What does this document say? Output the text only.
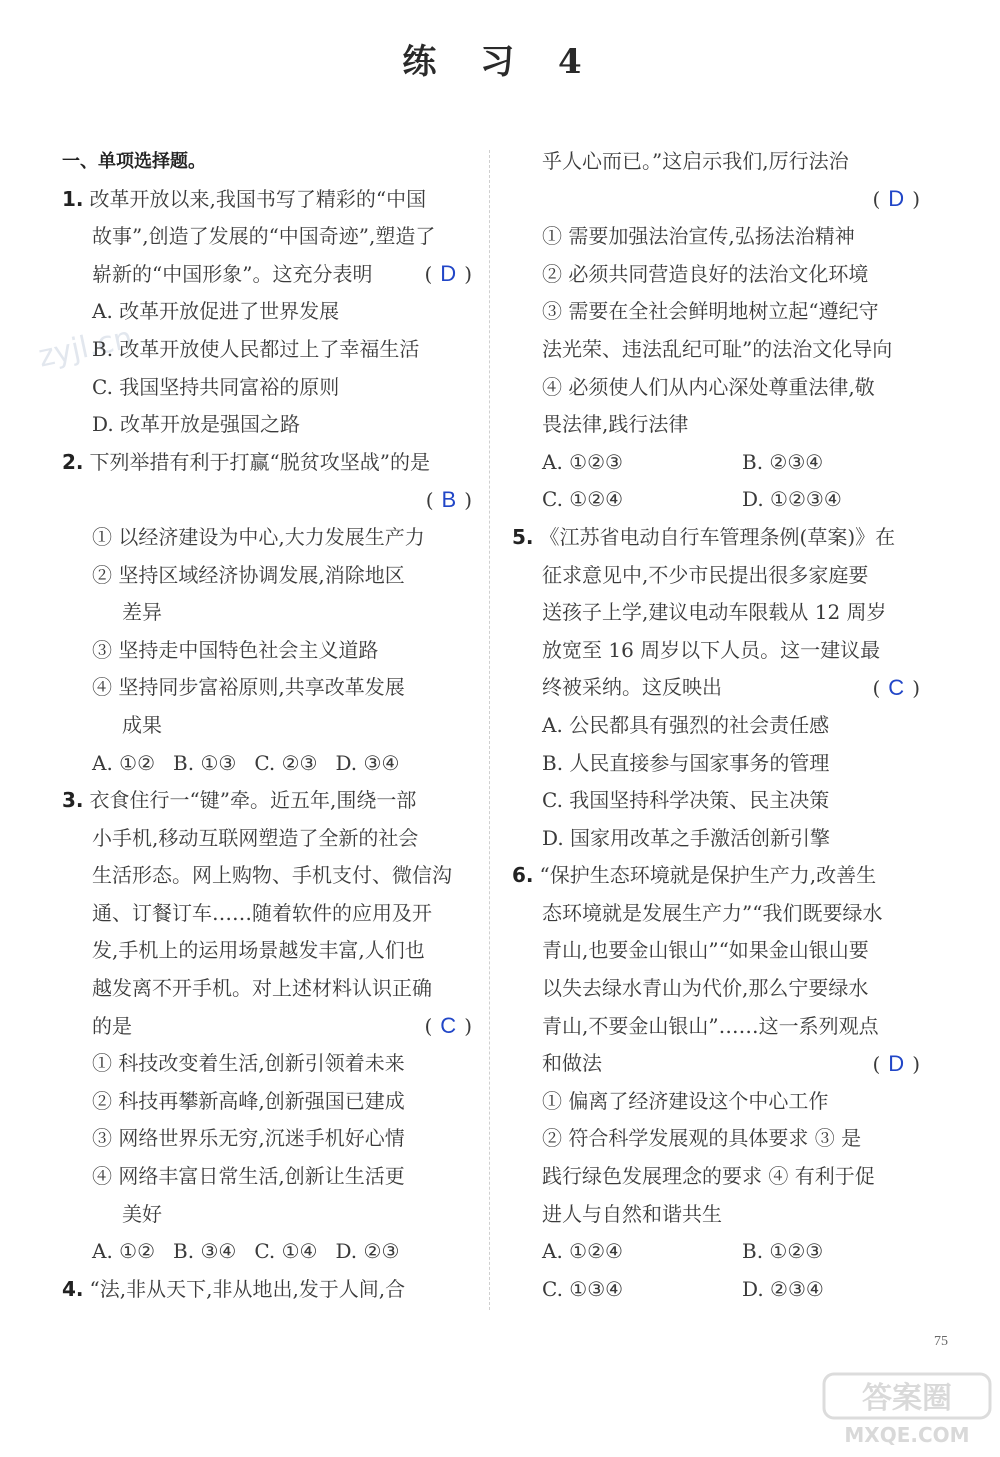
练 习 4
zyjl.cn
一、单项选择题。
1. 改革开放以来,我国书写了精彩的“中国
故事”,创造了发展的“中国奇迹”,塑造了
崭新的“中国形象”。这充分表明	( D )
A. 改革开放促进了世界发展
B. 改革开放使人民都过上了幸福生活
C. 我国坚持共同富裕的原则
D. 改革开放是强国之路
2. 下列举措有利于打赢“脱贫攻坚战”的是
( B )
① 以经济建设为中心,大力发展生产力
② 坚持区域经济协调发展,消除地区
差异
③ 坚持走中国特色社会主义道路
④ 坚持同步富裕原则,共享改革发展
成果
A. ①② B. ①③ C. ②③ D. ③④
3. 衣食住行一“键”牵。近五年,围绕一部
小手机,移动互联网塑造了全新的社会
生活形态。网上购物、手机支付、微信沟
通、订餐订车……随着软件的应用及开
发,手机上的运用场景越发丰富,人们也
越发离不开手机。对上述材料认识正确
的是	( C )
① 科技改变着生活,创新引领着未来
② 科技再攀新高峰,创新强国已建成
③ 网络世界乐无穷,沉迷手机好心情
④ 网络丰富日常生活,创新让生活更
美好
A. ①② B. ③④ C. ①④ D. ②③
4. “法,非从天下,非从地出,发于人间,合
乎人心而已。”这启示我们,厉行法治
( D )
① 需要加强法治宣传,弘扬法治精神
② 必须共同营造良好的法治文化环境
③ 需要在全社会鲜明地树立起“遵纪守
法光荣、违法乱纪可耻”的法治文化导向
④ 必须使人们从内心深处尊重法律,敬
畏法律,践行法律
A. ①②③	B. ②③④
C. ①②④	D. ①②③④
5. 《江苏省电动自行车管理条例(草案)》在
征求意见中,不少市民提出很多家庭要
送孩子上学,建议电动车限载从 12 周岁
放宽至 16 周岁以下人员。这一建议最
终被采纳。这反映出	( C )
A. 公民都具有强烈的社会责任感
B. 人民直接参与国家事务的管理
C. 我国坚持科学决策、民主决策
D. 国家用改革之手激活创新引擎
6. “保护生态环境就是保护生产力,改善生
态环境就是发展生产力”“我们既要绿水
青山,也要金山银山”“如果金山银山要
以失去绿水青山为代价,那么宁要绿水
青山,不要金山银山”……这一系列观点
和做法	( D )
① 偏离了经济建设这个中心工作
② 符合科学发展观的具体要求 ③ 是
践行绿色发展理念的要求 ④ 有利于促
进人与自然和谐共生
A. ①②④	B. ①②③
C. ①③④	D. ②③④
75
答案圈
MXQE.COM
